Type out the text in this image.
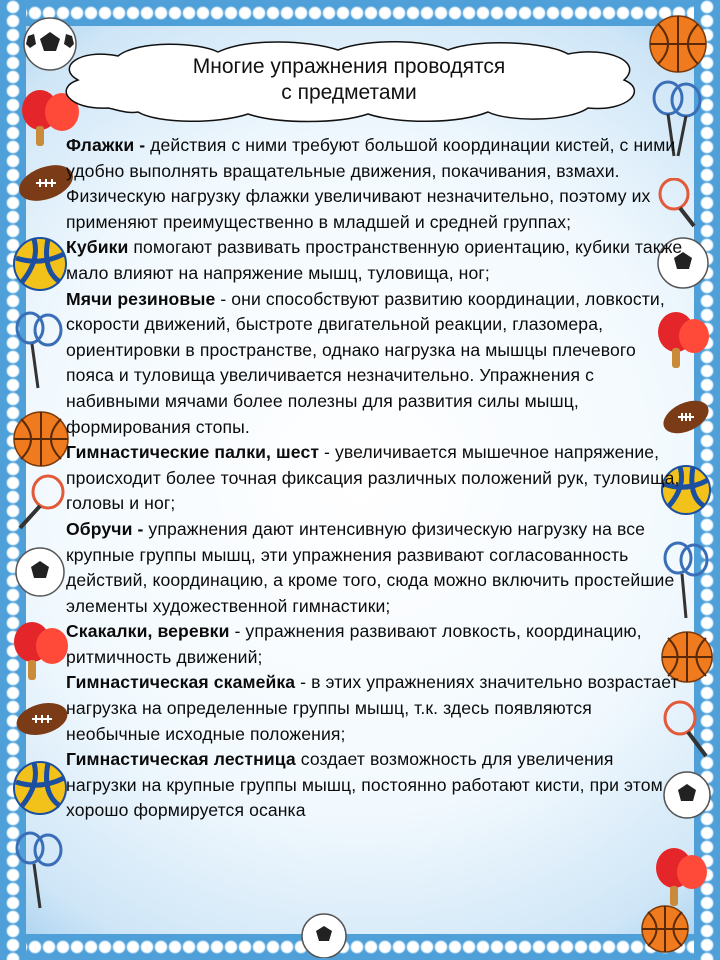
Многие упражнения проводятся
с предметами

Флажки - действия с ними требуют большой координации кистей, с ними удобно выполнять вращательные движения, покачивания, взмахи. Физическую нагрузку флажки увеличивают незначительно, поэтому их применяют преимущественно в младшей и средней группах;

Кубики помогают развивать пространственную ориентацию, кубики также мало влияют на напряжение мышц, туловища, ног;

Мячи резиновые - они способствуют развитию координации, ловкости, скорости движений, быстроте двигательной реакции, глазомера, ориентировки в пространстве, однако нагрузка на мышцы плечевого пояса и туловища увеличивается незначительно. Упражнения с набивными мячами более полезны для развития силы мышц, формирования стопы.

Гимнастические палки, шест - увеличивается мышечное напряжение, происходит более точная фиксация различных положений рук, туловища, головы и ног;

Обручи - упражнения дают интенсивную физическую нагрузку на все крупные группы мышц, эти упражнения развивают согласованность действий, координацию, а кроме того, сюда можно включить простейшие элементы художественной гимнастики;

Скакалки, веревки - упражнения развивают ловкость, координацию, ритмичность движений;

Гимнастическая скамейка - в этих упражнениях значительно возрастает нагрузка на определенные группы мышц, т.к. здесь появляются необычные исходные положения;

Гимнастическая лестница создает возможность для увеличения нагрузки на крупные группы мышц, постоянно работают кисти, при этом хорошо формируется осанка
